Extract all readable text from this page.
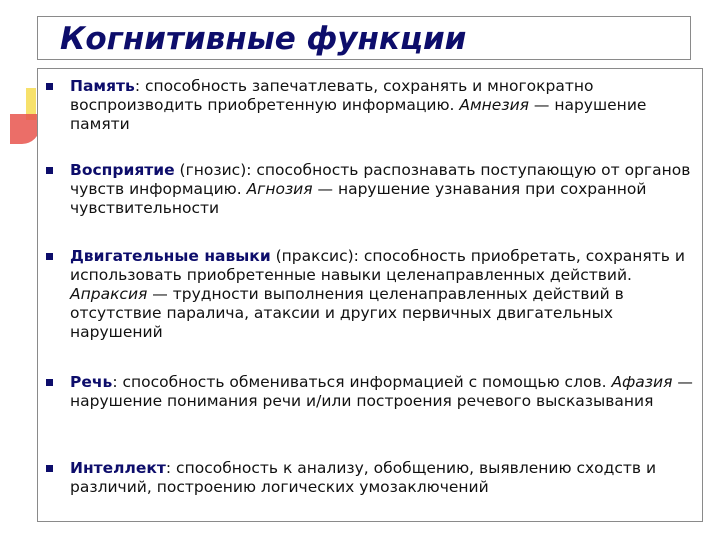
Когнитивные функции

Память: способность запечатлевать, сохранять и многократно воспроизводить приобретенную информацию. Амнезия — нарушение памяти

Восприятие (гнозис): способность распознавать поступающую от органов чувств информацию. Агнозия — нарушение узнавания при сохранной чувствительности

Двигательные навыки (праксис): способность приобретать, сохранять и использовать приобретенные навыки целенаправленных действий. Апраксия — трудности выполнения целенаправленных действий в отсутствие паралича, атаксии и других первичных двигательных нарушений

Речь: способность обмениваться информацией с помощью слов. Афазия — нарушение понимания речи и/или построения речевого высказывания

Интеллект: способность к анализу, обобщению, выявлению сходств и различий, построению логических умозаключений
